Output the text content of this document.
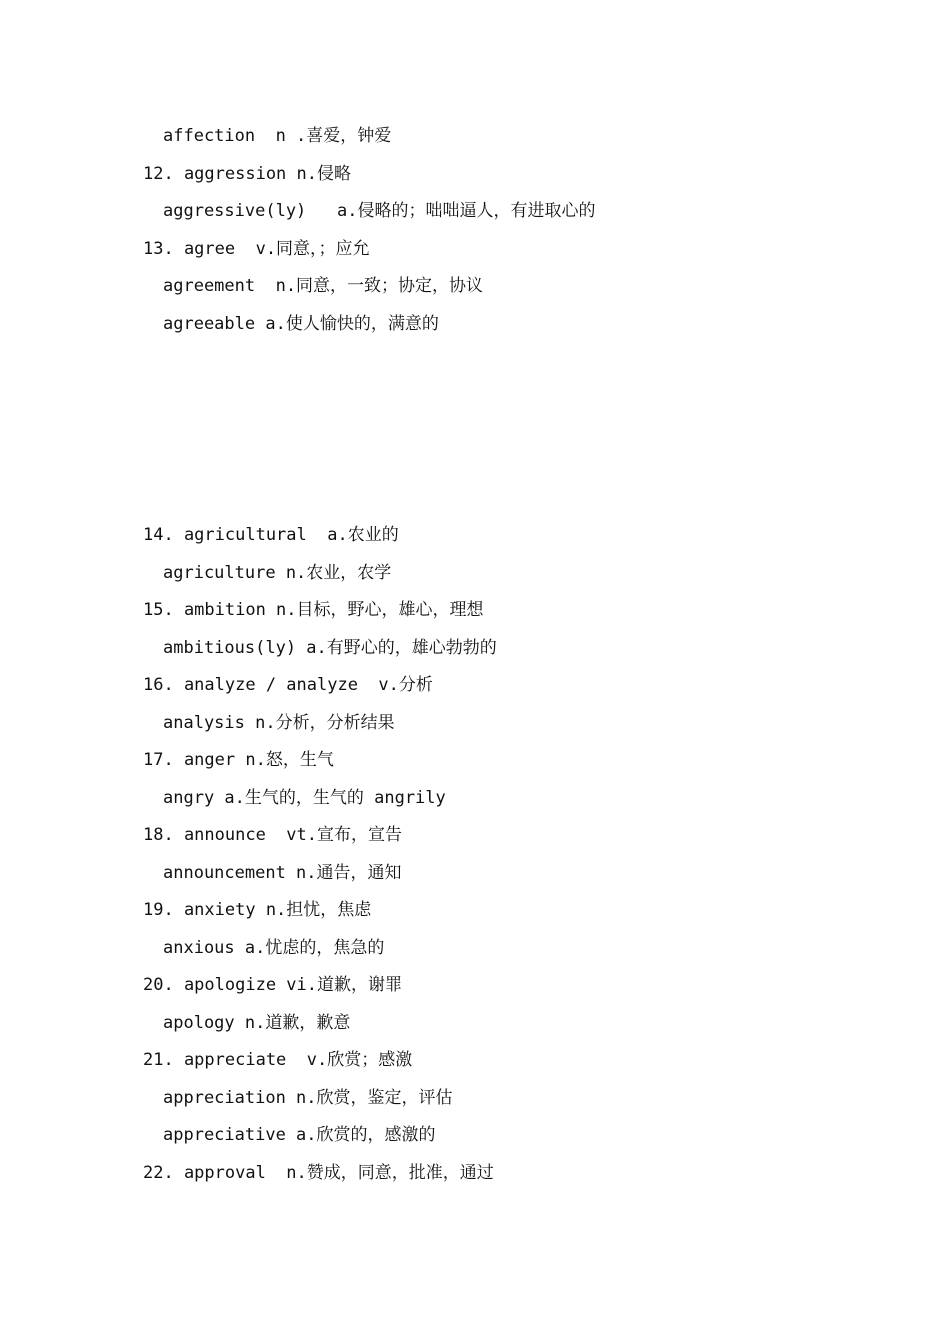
affection  n .喜爱，钟爱
12. aggression n.侵略
aggressive(ly)   a.侵略的；咄咄逼人，有进取心的
13. agree  v.同意，；应允
agreement  n.同意，一致；协定，协议
agreeable a.使人愉快的，满意的
14. agricultural  a.农业的
agriculture n.农业，农学
15. ambition n.目标，野心，雄心，理想
ambitious(ly) a.有野心的，雄心勃勃的
16. analyze / analyze  v.分析
analysis n.分析，分析结果
17. anger n.怒，生气
angry a.生气的，生气的 angrily
18. announce  vt.宣布，宣告
announcement n.通告，通知
19. anxiety n.担忧，焦虑
anxious a.忧虑的，焦急的
20. apologize vi.道歉，谢罪
apology n.道歉，歉意
21. appreciate  v.欣赏；感激
appreciation n.欣赏，鉴定，评估
appreciative a.欣赏的，感激的
22. approval  n.赞成，同意，批准，通过
